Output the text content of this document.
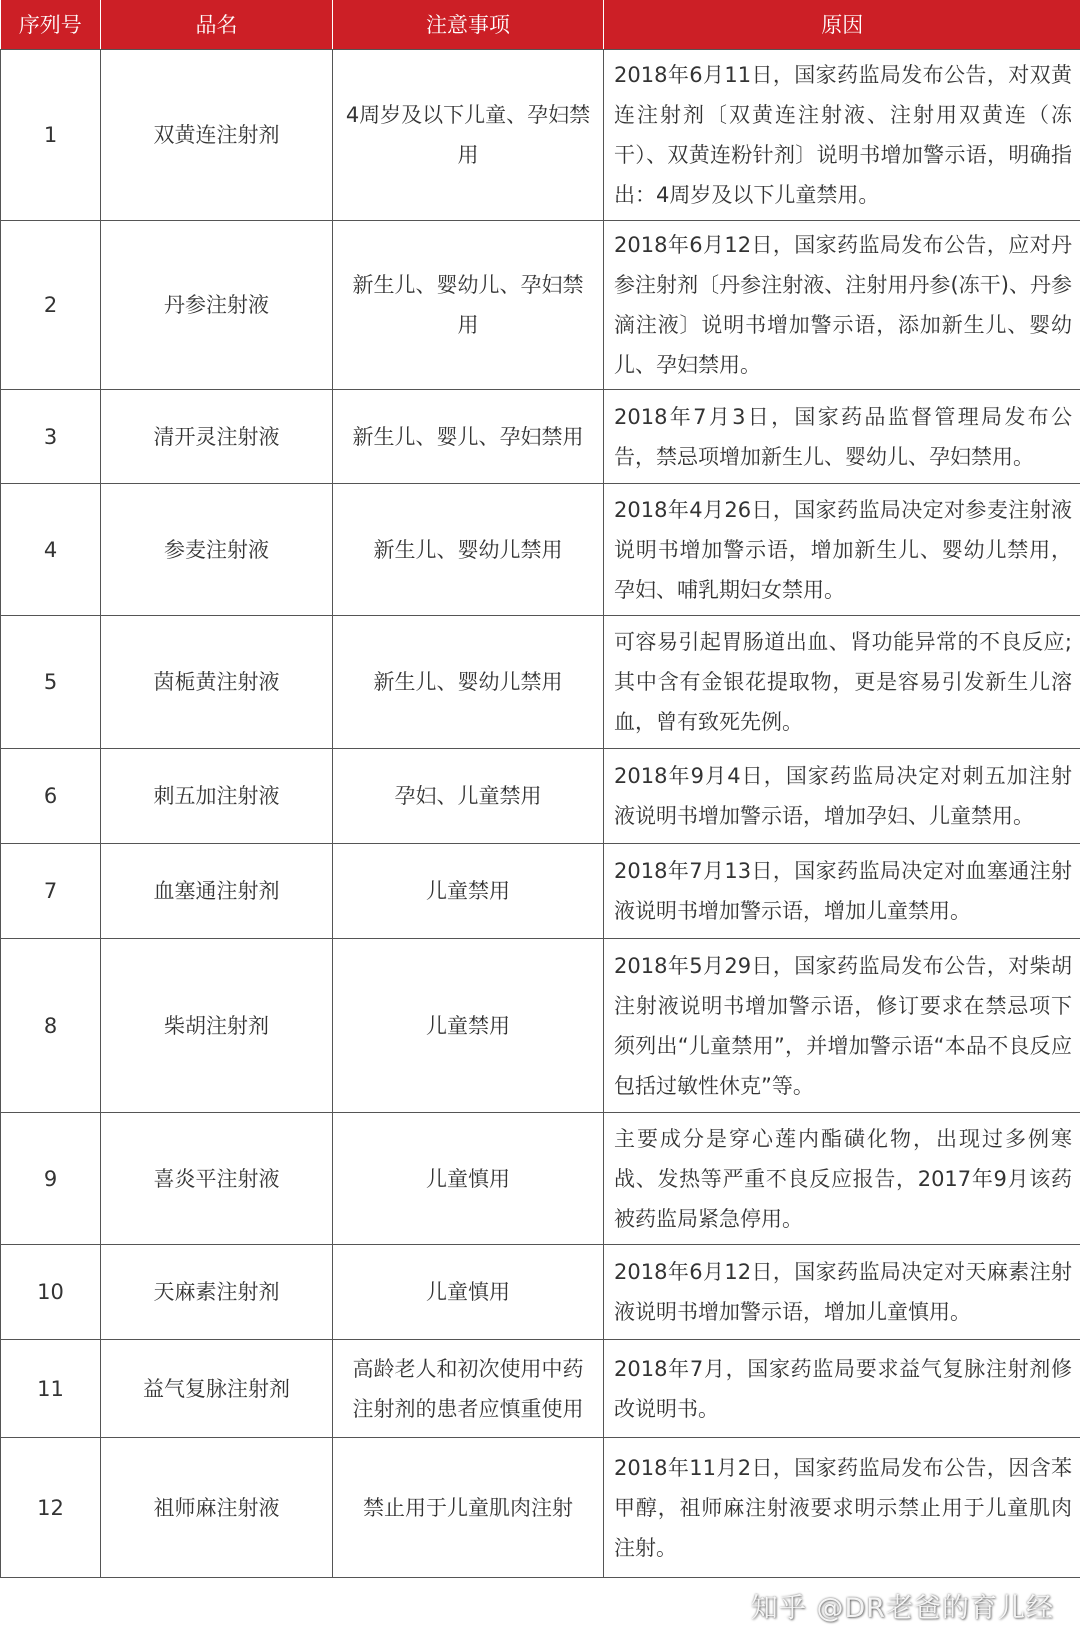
序列号	品名	注意事项	原因
1	双黄连注射剂	4周岁及以下儿童、孕妇禁用	2018年6月11日，国家药监局发布公告，对双黄连注射剂〔双黄连注射液、注射用双黄连（冻干）、双黄连粉针剂〕说明书增加警示语，明确指出：4周岁及以下儿童禁用。
2	丹参注射液	新生儿、婴幼儿、孕妇禁用	2018年6月12日，国家药监局发布公告，应对丹参注射剂〔丹参注射液、注射用丹参(冻干)、丹参滴注液〕说明书增加警示语，添加新生儿、婴幼儿、孕妇禁用。
3	清开灵注射液	新生儿、婴儿、孕妇禁用	2018年7月3日，国家药品监督管理局发布公告，禁忌项增加新生儿、婴幼儿、孕妇禁用。
4	参麦注射液	新生儿、婴幼儿禁用	2018年4月26日，国家药监局决定对参麦注射液说明书增加警示语，增加新生儿、婴幼儿禁用，孕妇、哺乳期妇女禁用。
5	茵栀黄注射液	新生儿、婴幼儿禁用	可容易引起胃肠道出血、肾功能异常的不良反应;其中含有金银花提取物，更是容易引发新生儿溶血，曾有致死先例。
6	刺五加注射液	孕妇、儿童禁用	2018年9月4日，国家药监局决定对刺五加注射液说明书增加警示语，增加孕妇、儿童禁用。
7	血塞通注射剂	儿童禁用	2018年7月13日，国家药监局决定对血塞通注射液说明书增加警示语，增加儿童禁用。
8	柴胡注射剂	儿童禁用	2018年5月29日，国家药监局发布公告，对柴胡注射液说明书增加警示语，修订要求在禁忌项下须列出“儿童禁用”，并增加警示语“本品不良反应包括过敏性休克”等。
9	喜炎平注射液	儿童慎用	主要成分是穿心莲内酯磺化物，出现过多例寒战、发热等严重不良反应报告，2017年9月该药被药监局紧急停用。
10	天麻素注射剂	儿童慎用	2018年6月12日，国家药监局决定对天麻素注射液说明书增加警示语，增加儿童慎用。
11	益气复脉注射剂	高龄老人和初次使用中药注射剂的患者应慎重使用	2018年7月，国家药监局要求益气复脉注射剂修改说明书。
12	祖师麻注射液	禁止用于儿童肌肉注射	2018年11月2日，国家药监局发布公告，因含苯甲醇，祖师麻注射液要求明示禁止用于儿童肌肉注射。
知乎 @DR老爸的育儿经
